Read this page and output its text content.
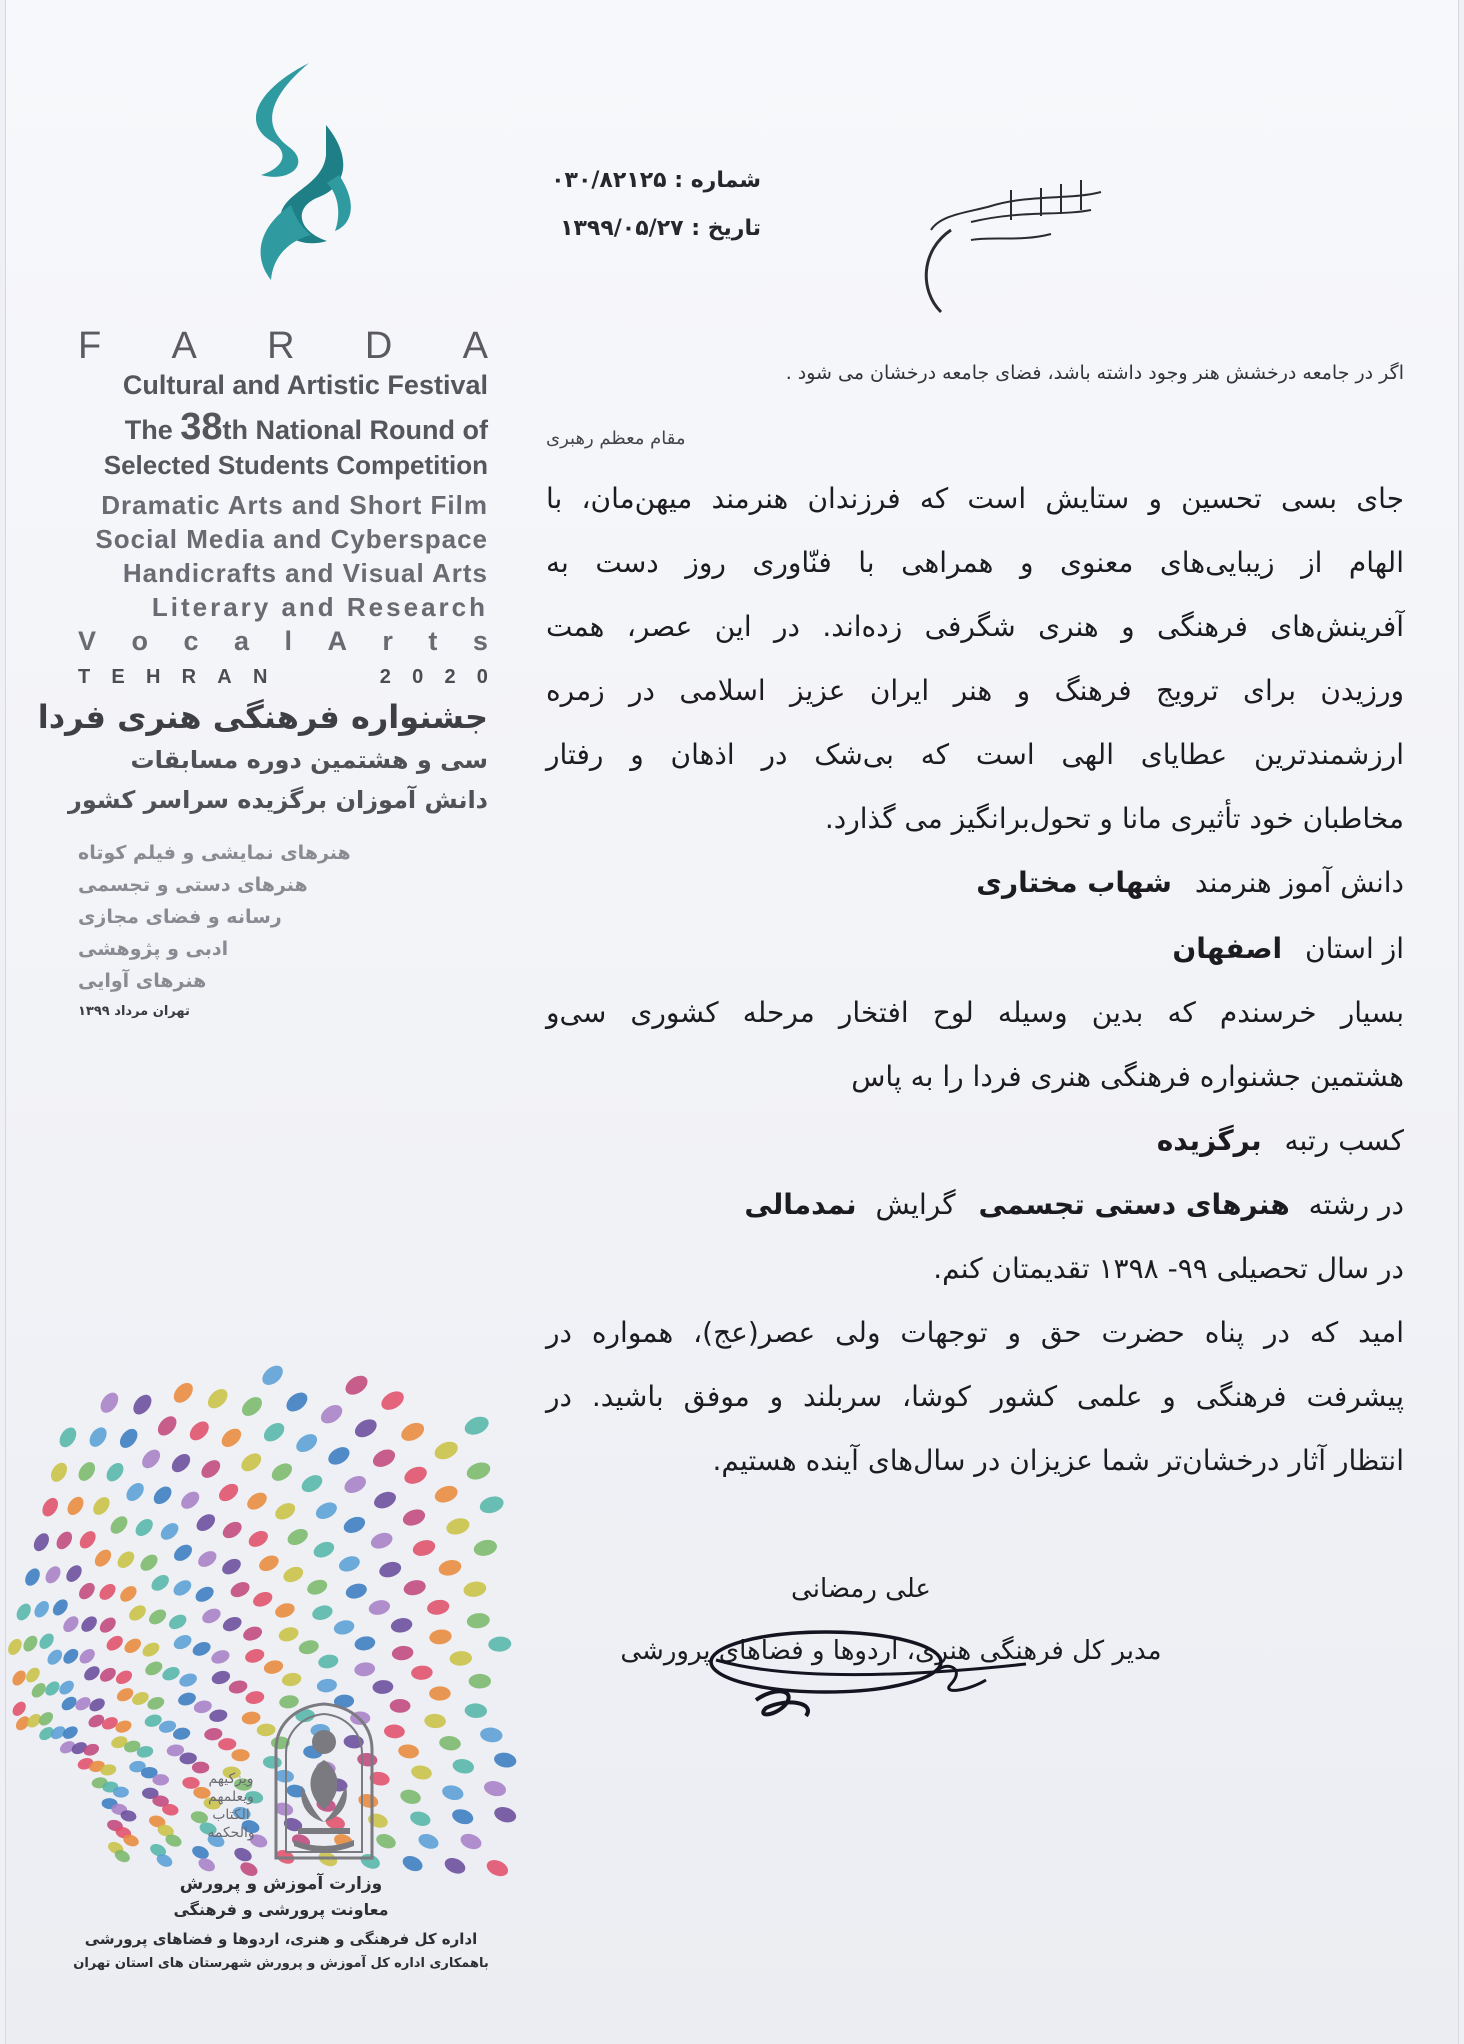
F A R D A
Cultural and Artistic Festival
The 38th National Round of
Selected Students Competition
Dramatic Arts and Short Film
Social Media and Cyberspace
Handicrafts and Visual Arts
Literary and Research
V o c a l A r t s
T E H R A N	2 0 2 0
جشنواره فرهنگی هنری فردا
سی و هشتمین دوره مسابقات
دانش آموزان برگزیده سراسر کشور
هنرهای نمایشی و فیلم کوتاه
هنرهای دستی و تجسمی
رسانه و فضای مجازی
ادبی و پژوهشی
هنرهای آوایی
تهران مرداد ۱۳۹۹
ویزکیهم
ویعلمهم
الکتاب
والحکمه
وزارت آموزش و پرورش
معاونت پرورشی و فرهنگی
اداره کل فرهنگی و هنری، اردوها و فضاهای پرورشی
باهمکاری اداره کل آموزش و پرورش شهرستان های استان تهران
شماره : ۰۳۰/۸۲۱۲۵
تاریخ : ۱۳۹۹/۰۵/۲۷
اگر در جامعه درخشش هنر وجود داشته باشد، فضای جامعه درخشان می شود .
مقام معظم رهبری
جای بسی تحسین و ستایش است که فرزندان هنرمند میهن‌مان، با
الهام از زیبایی‌های معنوی و همراهی با فنّاوری روز دست به
آفرینش‌های فرهنگی و هنری شگرفی زده‌اند. در این عصر، همت
ورزیدن برای ترویج فرهنگ و هنر ایران عزیز اسلامی در زمره
ارزشمندترین عطایای الهی است که بی‌شک در اذهان و رفتار
مخاطبان خود تأثیری مانا و تحول‌برانگیز می گذارد.
دانش آموز هنرمند شهاب مختاری
از استان اصفهان
بسیار خرسندم که بدین وسیله لوح افتخار مرحله کشوری سی‌و
هشتمین جشنواره فرهنگی هنری فردا را به پاس
کسب رتبه برگزیده
در رشته هنرهای دستی تجسمی گرایش نمدمالی
در سال تحصیلی ۹۹- ۱۳۹۸ تقدیمتان کنم.
امید که در پناه حضرت حق و توجهات ولی عصر(عج)، همواره در
پیشرفت فرهنگی و علمی کشور کوشا، سربلند و موفق باشید. در
انتظار آثار درخشان‌تر شما عزیزان در سال‌های آینده هستیم.
علی رمضانی
مدیر کل فرهنگی هنری، اردوها و فضاهای پرورشی
